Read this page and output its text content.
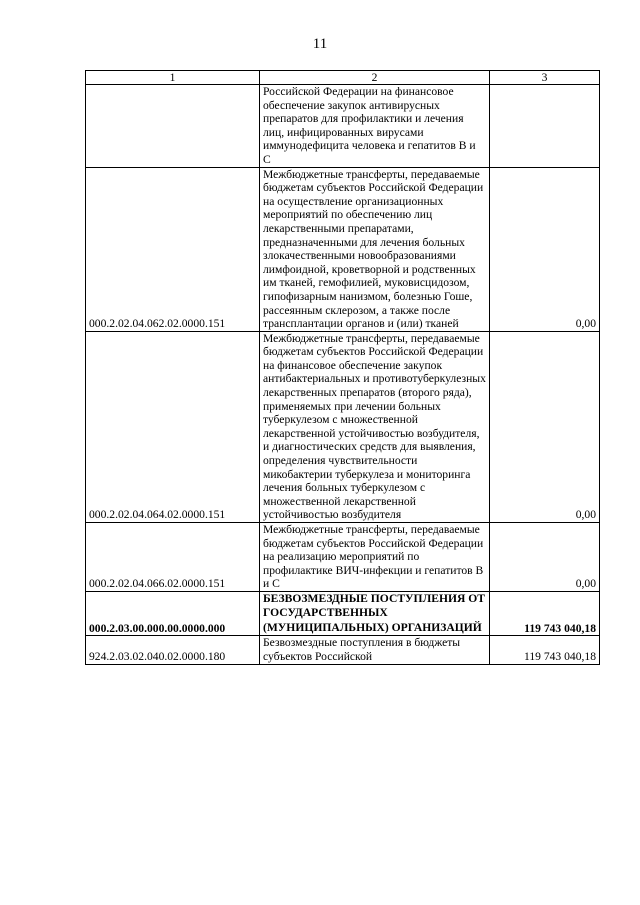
11
1	2	3
	Российской Федерации на финансовое обеспечение закупок антивирусных препаратов для профилактики и лечения лиц, инфицированных вирусами иммунодефицита человека и гепатитов В и С	
000.2.02.04.062.02.0000.151	Межбюджетные трансферты, передаваемые бюджетам субъектов Российской Федерации на осуществление организационных мероприятий по обеспечению лиц лекарственными препаратами, предназначенными для лечения больных злокачественными новообразованиями лимфоидной, кроветворной и родственных им тканей, гемофилией, муковисцидозом, гипофизарным нанизмом, болезнью Гоше, рассеянным склерозом, а также после трансплантации органов и (или) тканей	0,00
000.2.02.04.064.02.0000.151	Межбюджетные трансферты, передаваемые бюджетам субъектов Российской Федерации на финансовое обеспечение закупок антибактериальных и противотуберкулезных лекарственных препаратов (второго ряда), применяемых при лечении больных туберкулезом с множественной лекарственной устойчивостью возбудителя, и диагностических средств для выявления, определения чувствительности микобактерии туберкулеза и мониторинга лечения больных туберкулезом с множественной лекарственной устойчивостью возбудителя	0,00
000.2.02.04.066.02.0000.151	Межбюджетные трансферты, передаваемые бюджетам субъектов Российской Федерации на реализацию мероприятий по профилактике ВИЧ-инфекции и гепатитов В и С	0,00
000.2.03.00.000.00.0000.000	БЕЗВОЗМЕЗДНЫЕ ПОСТУПЛЕНИЯ ОТ ГОСУДАРСТВЕННЫХ (МУНИЦИПАЛЬНЫХ) ОРГАНИЗАЦИЙ	119 743 040,18
924.2.03.02.040.02.0000.180	Безвозмездные поступления в бюджеты субъектов Российской	119 743 040,18
